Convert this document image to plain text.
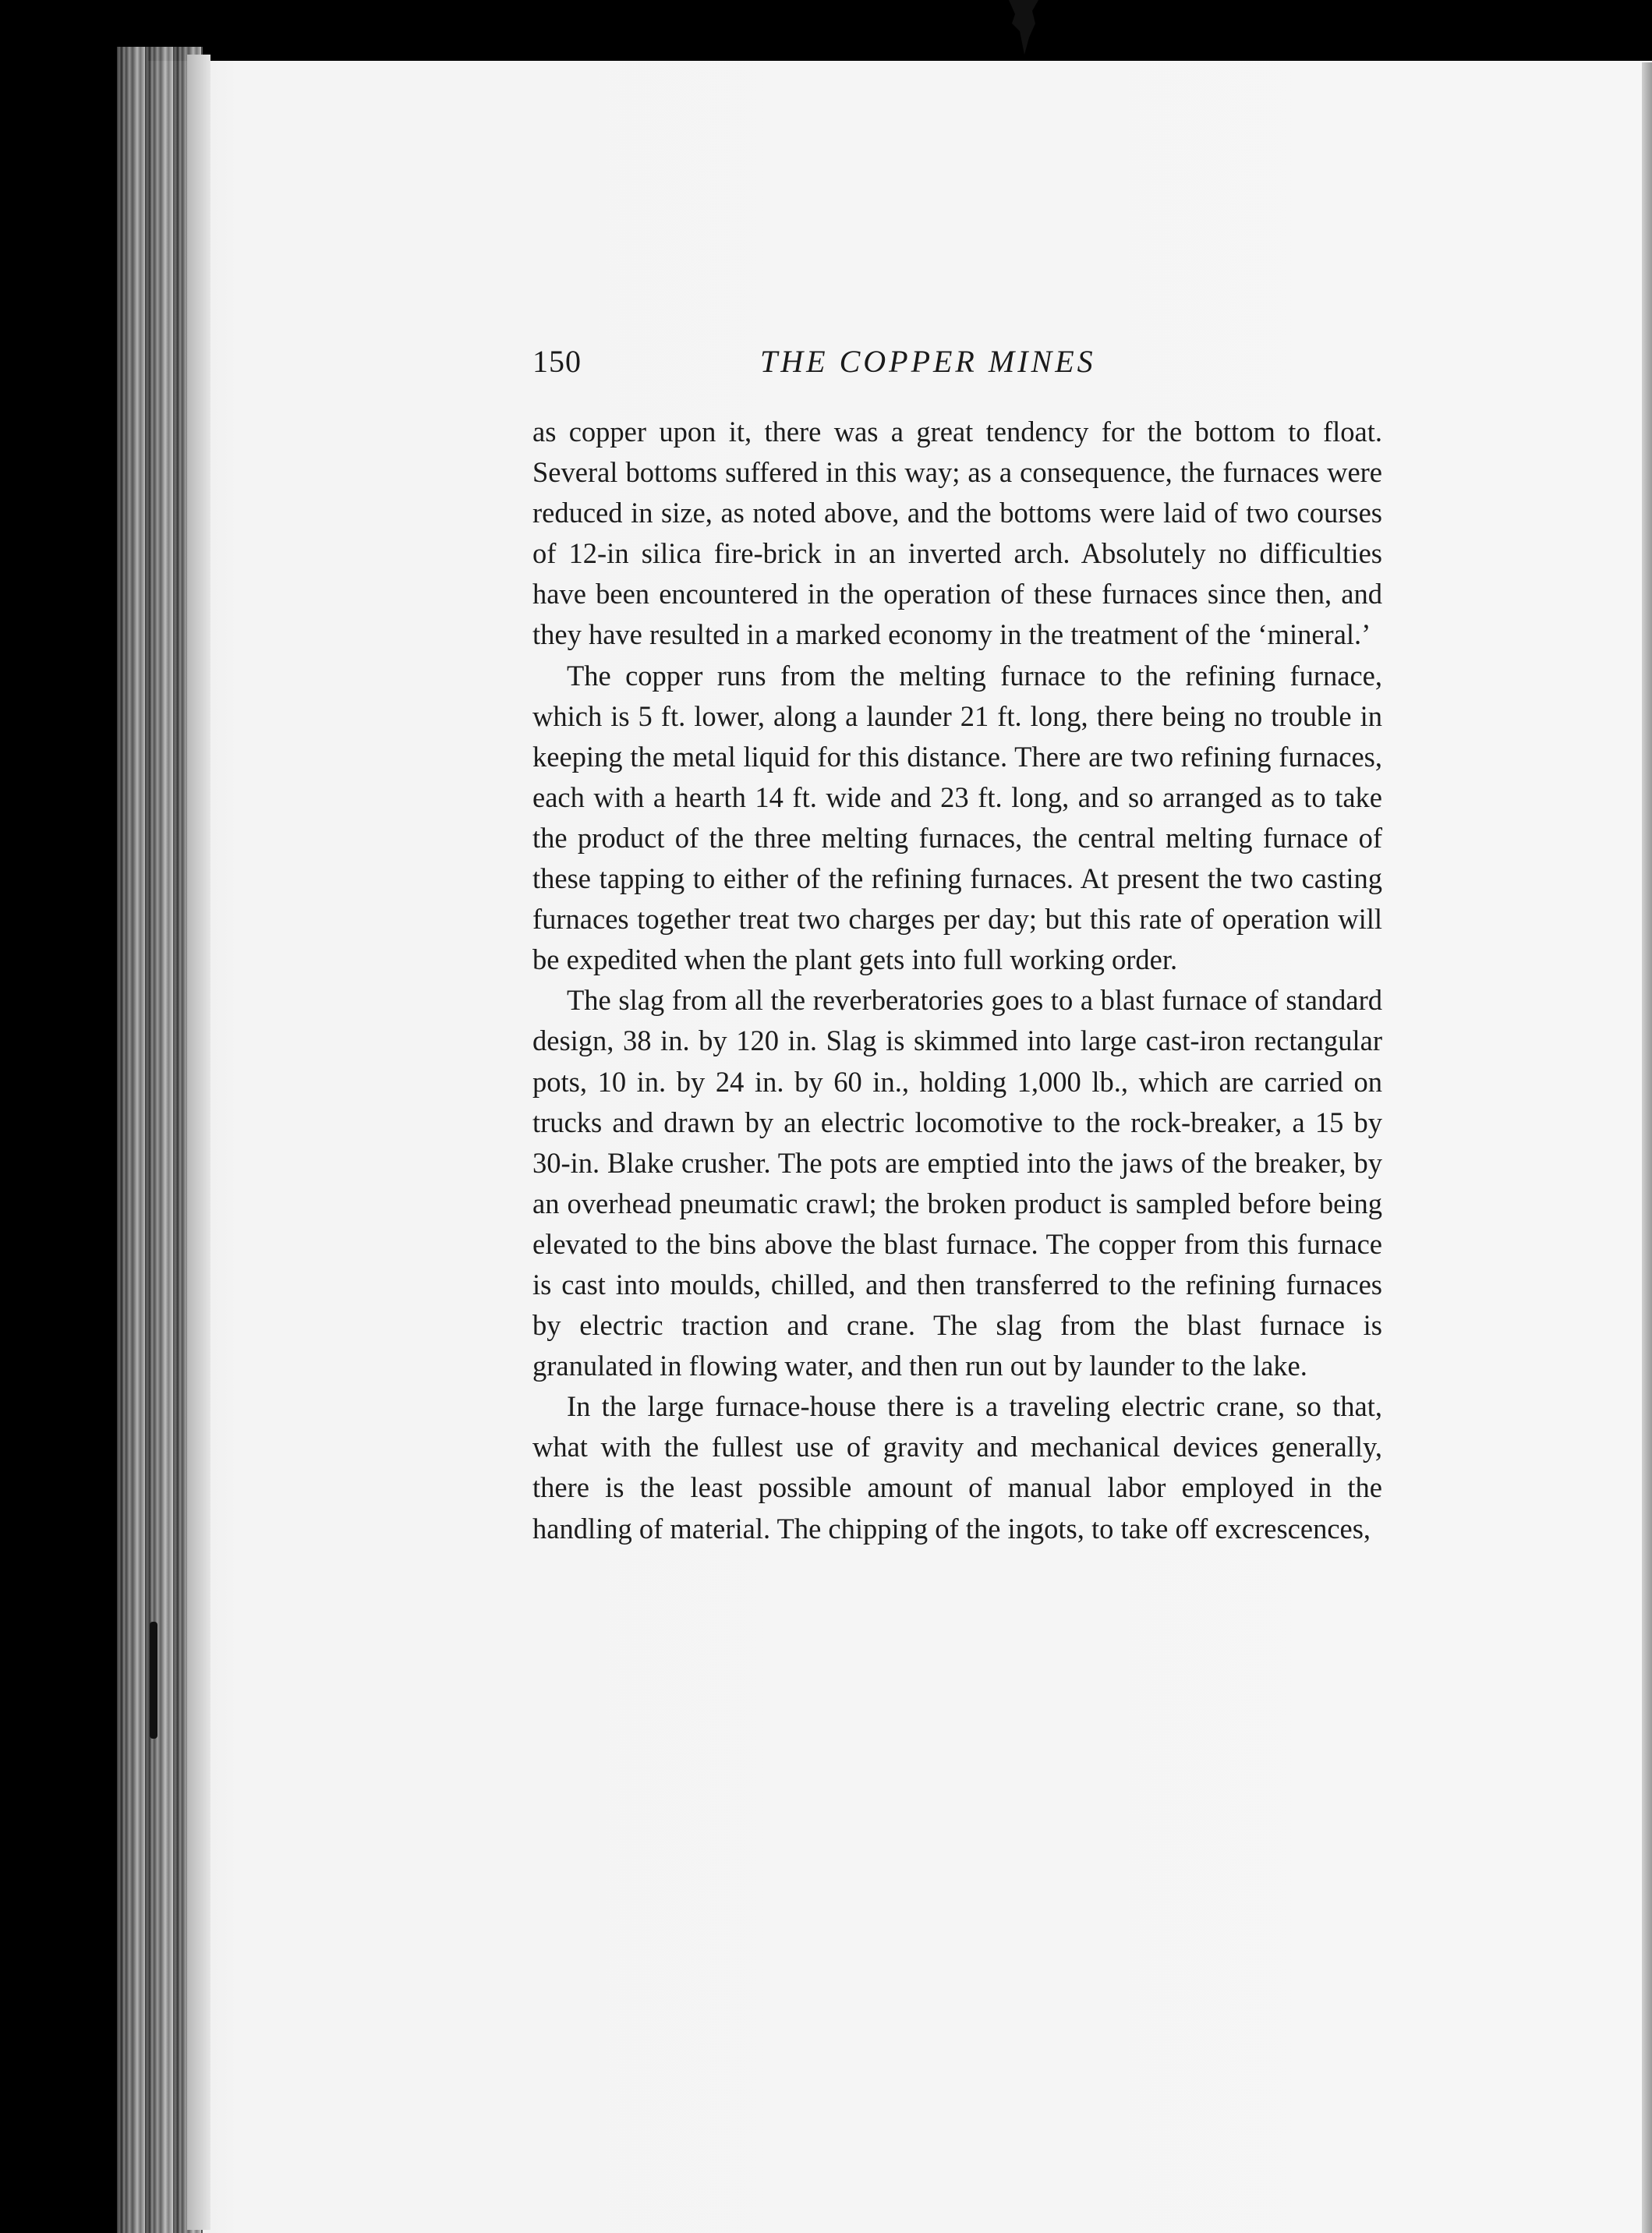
150	THE COPPER MINES

as copper upon it, there was a great tendency for the bottom to float. Several bottoms suffered in this way; as a consequence, the furnaces were reduced in size, as noted above, and the bottoms were laid of two courses of 12-in silica fire-brick in an inverted arch. Absolutely no difficulties have been encountered in the operation of these furnaces since then, and they have resulted in a marked economy in the treatment of the ‘mineral.’

The copper runs from the melting furnace to the refining furnace, which is 5 ft. lower, along a launder 21 ft. long, there being no trouble in keeping the metal liquid for this distance. There are two refining furnaces, each with a hearth 14 ft. wide and 23 ft. long, and so arranged as to take the product of the three melting furnaces, the central melting furnace of these tapping to either of the refining furnaces. At present the two casting furnaces together treat two charges per day; but this rate of operation will be expedited when the plant gets into full working order.

The slag from all the reverberatories goes to a blast furnace of standard design, 38 in. by 120 in. Slag is skimmed into large cast-iron rectangular pots, 10 in. by 24 in. by 60 in., holding 1,000 lb., which are carried on trucks and drawn by an electric locomotive to the rock-breaker, a 15 by 30-in. Blake crusher. The pots are emptied into the jaws of the breaker, by an overhead pneumatic crawl; the broken product is sampled before being elevated to the bins above the blast furnace. The copper from this furnace is cast into moulds, chilled, and then transferred to the refining furnaces by electric traction and crane. The slag from the blast furnace is granulated in flowing water, and then run out by launder to the lake.

In the large furnace-house there is a traveling electric crane, so that, what with the fullest use of gravity and mechanical devices generally, there is the least possible amount of manual labor employed in the handling of material. The chipping of the ingots, to take off excrescences,
